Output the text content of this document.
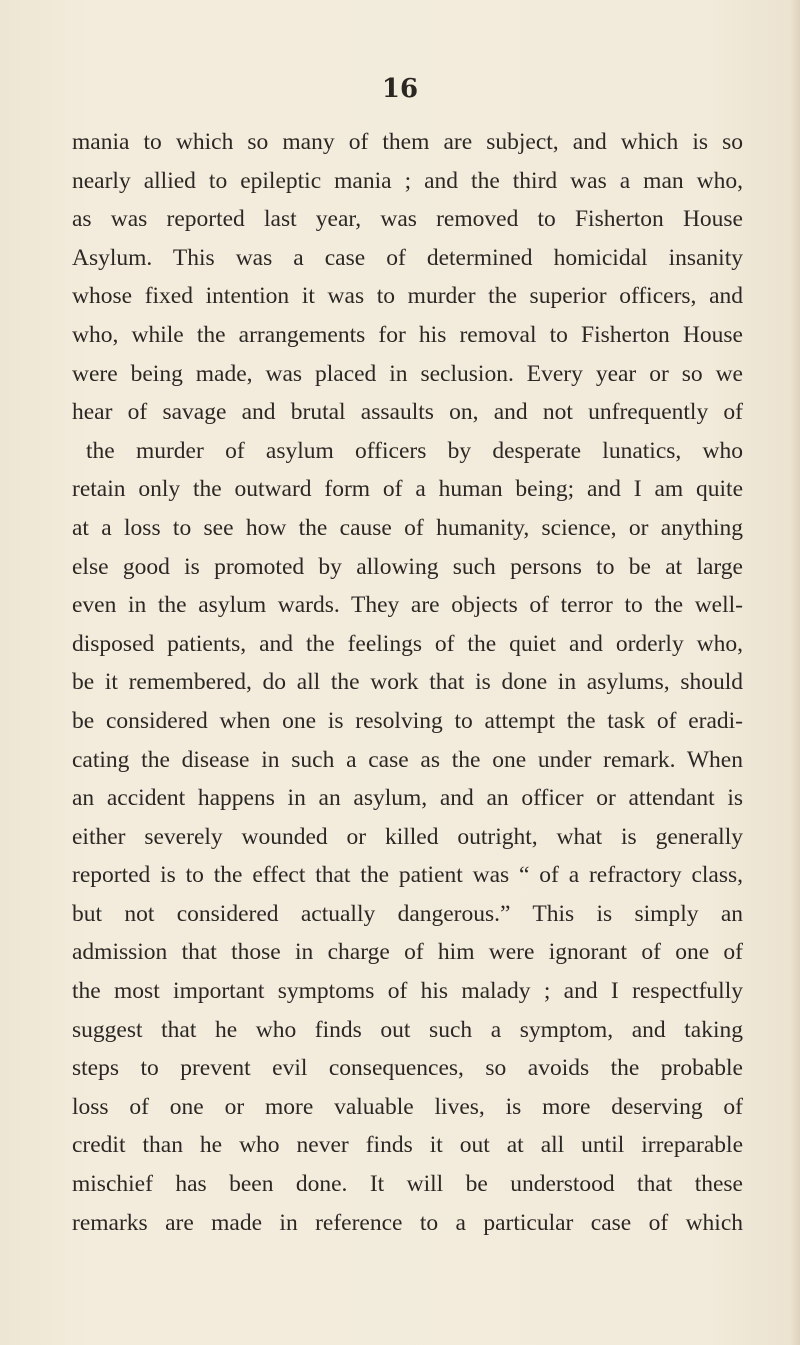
16
mania to which so many of them are subject, and which is so
nearly allied to epileptic mania ; and the third was a man who,
as was reported last year, was removed to Fisherton House
Asylum. This was a case of determined homicidal insanity
whose fixed intention it was to murder the superior officers, and
who, while the arrangements for his removal to Fisherton House
were being made, was placed in seclusion. Every year or so we
hear of savage and brutal assaults on, and not unfrequently of
the murder of asylum officers by desperate lunatics, who
retain only the outward form of a human being; and I am quite
at a loss to see how the cause of humanity, science, or anything
else good is promoted by allowing such persons to be at large
even in the asylum wards. They are objects of terror to the well-
disposed patients, and the feelings of the quiet and orderly who,
be it remembered, do all the work that is done in asylums, should
be considered when one is resolving to attempt the task of eradi-
cating the disease in such a case as the one under remark. When
an accident happens in an asylum, and an officer or attendant is
either severely wounded or killed outright, what is generally
reported is to the effect that the patient was “ of a refractory class,
but not considered actually dangerous.” This is simply an
admission that those in charge of him were ignorant of one of
the most important symptoms of his malady ; and I respectfully
suggest that he who finds out such a symptom, and taking
steps to prevent evil consequences, so avoids the probable
loss of one or more valuable lives, is more deserving of
credit than he who never finds it out at all until irreparable
mischief has been done. It will be understood that these
remarks are made in reference to a particular case of which
